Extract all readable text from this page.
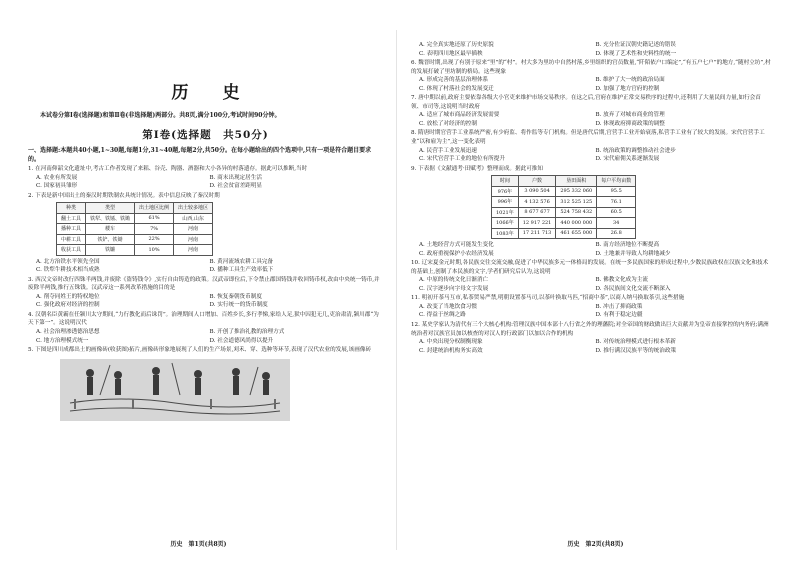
历 史
本试卷分第Ⅰ卷(选择题)和第Ⅱ卷(非选择题)两部分。共8页,满分100分,考试时间90分钟。
第Ⅰ卷(选择题　共50分)
一、选择题:本题共40小题,1~30题,每题1分,31~40题,每题2分,共50分。在每小题给出的四个选项中,只有一项是符合题目要求的。
1. 在河南仰韶文化遗址中,考古工作者发现了来耜、谷壳、陶器、酒器和大小各异的村落遗存。据此可以推断,当时
A. 农业有所发展	B. 商末出现定居生活
C. 国家初具雏形	D. 社会贫富差距明显
2. 下表是新中国出土的秦汉时期铁制农具统计情况。表中信息反映了秦汉时期
种类	类型	出土地区比例	出土较多地区
翻土工具	铁犁、铁锸、铁锄	61%	山西,山东
播种工具	耧车	7%	河南
中耕工具	铁铲、铁锄	22%	河南
收获工具	铁镰	10%	河南
A. 北方治铁水平领先全国	B. 黄河流域农耕工具完备
C. 铁犁牛耕技术相当成熟	D. 播种工具生产效率低下
3. 西汉文帝时改行四铢半两钱,并废除《盗铸钱令》,实行自由铸造的政策。汉武帝即位后,下令禁止郡国铸钱并收回铸币权,改由中央统一铸币,并废除半两钱,推行五铢钱。汉武帝这一系列改革措施的目的是
A. 削夺同姓王的特权地位	B. 恢复秦朝货币制度
C. 强化政府对经济的控制	D. 实行统一的货币制度
4. 汉朝名臣黄霸在任颍川太守期间,“力行教化而后诛罚”。治理期间人口增加、百姓乡长,多行孝悌,家给人足,狱中囚犯无几,吏治肃清,颍川郡“为天下第一”。这说明汉代
A. 社会治理渗透德治思想	B. 开创了推治礼教的治理方式
C. 地方治理模式统一	D. 社会道德风尚得以提升
5. 下图是四川成都出土的画像砖(收获图)拓片,画像砖形象地展现了人们的生产场景,刈禾、穿、选种等环节,表现了汉代农业的发展,该画像砖
历史　第1页(共8页)
A. 完全真实地还原了历史原貌	B. 充分佐证汉朝史籍记述的错误
C. 表明四川地区最早插秧	D. 体现了艺术性和史料性的统一
6. 魏晋时期,出现了有别于原来“里”的“村”。村大多为里坊中自然村落,乡里组织的官员数量,“阡陌依户口编定”,“有五户七户”的地方,“随村立坊”,村的发展打破了里坊制的格局。这些现象
A. 形成完善的基层治理体系	B. 维护了大一统的政治局面
C. 体现了村落社会的发展变迁	D. 加强了地方官府的控制
7. 唐中期以前,政府主要依靠各级大小官吏来维护市场交易秩序。在这之后,官府在维护正常交易秩序的过程中,还利用了大量民间力量,如行会首领、市司等,这说明当时政府
A. 适应了城市商品经济发展需要	B. 放弃了对城市商业的管理
C. 放松了对经济的控制	D. 体现政府抑商政策的调整
8. 隋唐时期官营手工业系统严密,有少府监、将作监等专门机构。但是唐代后期,官营手工业开始衰落,私营手工业有了较大的发展。宋代官营手工业“以和雇为主”,这一变化表明
A. 民营手工业发展迅速	B. 统治政策的调整推动社会进步
C. 宋代官营手工业的地位有所提升	D. 宋代雇佣关系逐渐发展
9. 下表据《文献通考·田赋考》整理而成。据此可推知
时间	户数	垦田面积	每户平均亩数
976年	3 090 504	295 332 060	95.5
996年	4 132 576	312 525 125	76.1
1021年	8 677 677	524 758 432	60.5
1066年	12 917 221	440 000 000	34
1083年	17 211 713	461 655 000	26.8
A. 土地经营方式可能发生变化	B. 南方经济地位不断提高
C. 政府重视保护小农经济发展	D. 土地兼并导致人均耕地减少
10. 辽宋夏金元时期,各民族交往交流交融,促进了中华民族多元一体格局的发展。在统一多民族国家的形成过程中,少数民族政权在汉族文化和技术的基础上,创制了本民族的文字,学者们研究后认为,这说明
A. 中原的传统文化日渐消亡	B. 佛教文化成为主流
C. 汉字逐步向字母文字发展	D. 各民族间文化交流不断深入
11. 明初开茶马互市,私茶贸易严禁,明朝设置茶马司,以茶叶换取马匹,“招商中茶”,以商人纳马换取茶引,这些措施
A. 改变了当地饮食习惯	B. 冲击了抑商政策
C. 得益于丝绸之路	D. 有利于稳定边疆
12. 某史学家认为清代有三个大核心机构:管理汉族中国本部十八行省之外的理藩院;对全帝国的财政做出巨大贡献并为皇帝直接掌控的内务府;满洲统治者对汉族官员加以核查的对汉人的行政部门以加以合作的机构
A. 中央出现分权制衡现象	B. 对传统治理模式进行根本革新
C. 封建统治机构务实高效	D. 推行满汉民族平等的统治政策
历史　第2页(共8页)
